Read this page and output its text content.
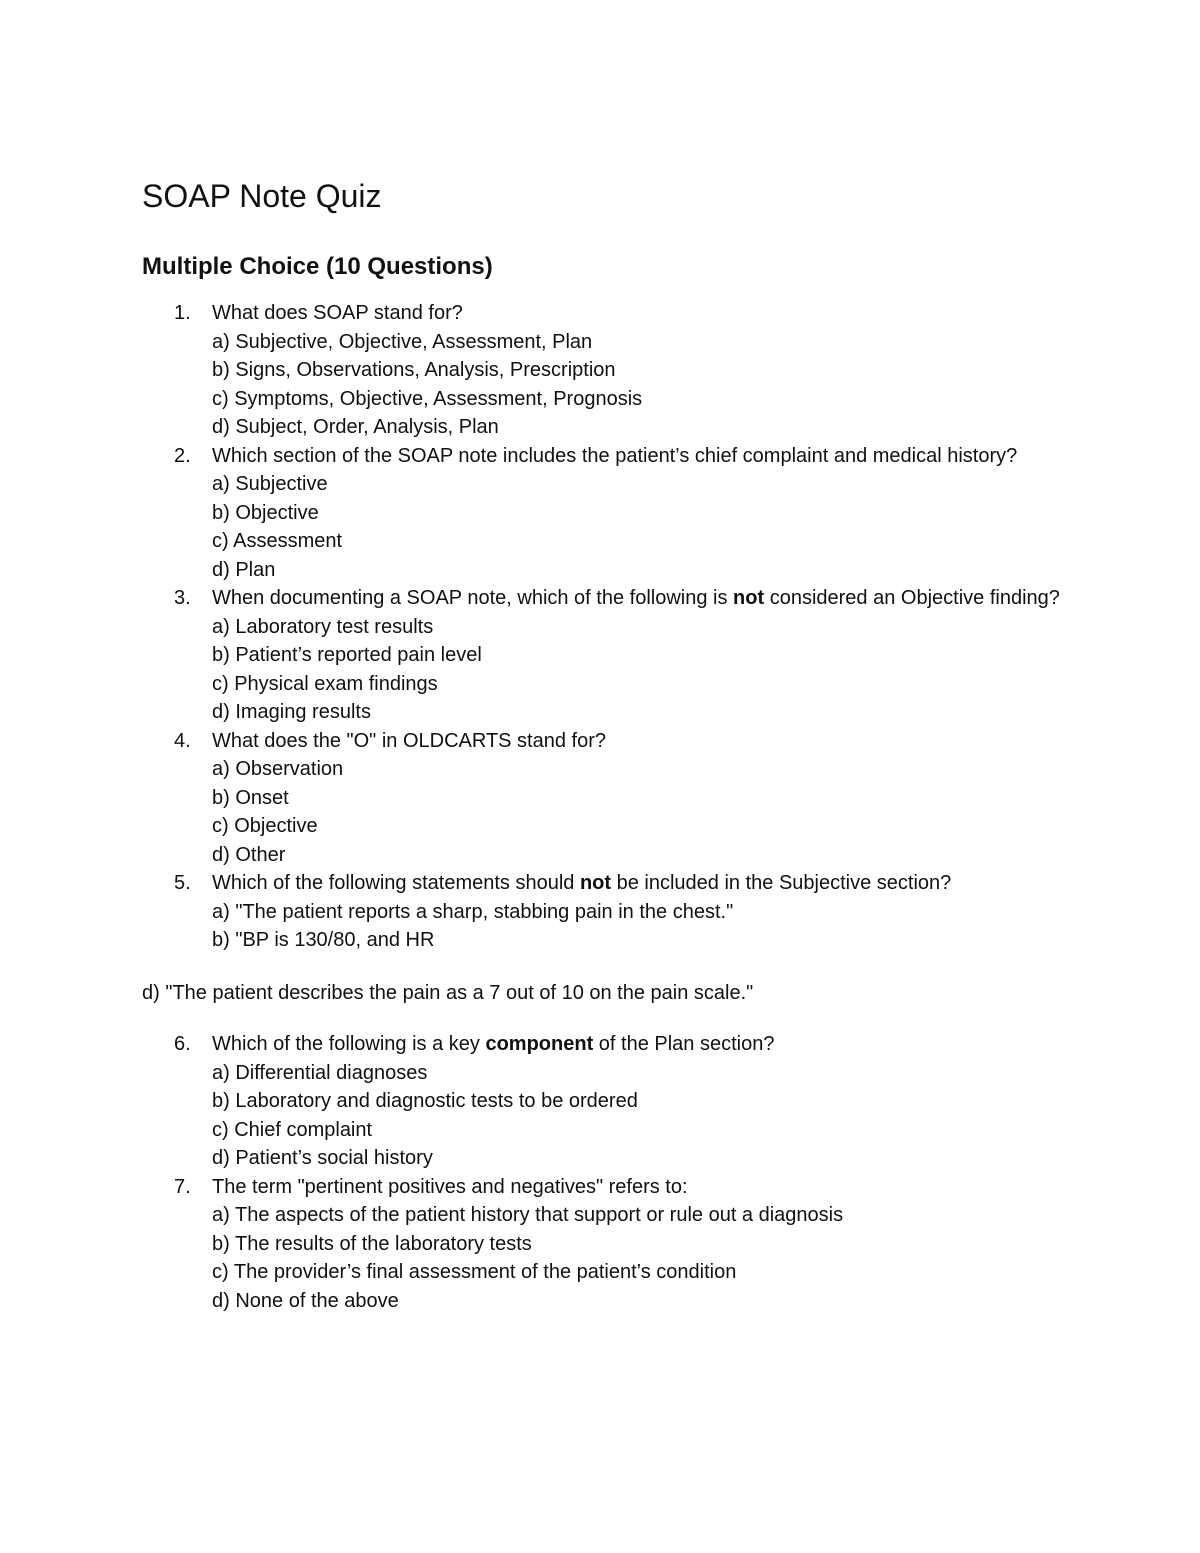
SOAP Note Quiz
Multiple Choice (10 Questions)
1.	What does SOAP stand for?
a) Subjective, Objective, Assessment, Plan
b) Signs, Observations, Analysis, Prescription
c) Symptoms, Objective, Assessment, Prognosis
d) Subject, Order, Analysis, Plan
2.	Which section of the SOAP note includes the patient’s chief complaint and medical history?
a) Subjective
b) Objective
c) Assessment
d) Plan
3.	When documenting a SOAP note, which of the following is not considered an Objective finding?
a) Laboratory test results
b) Patient’s reported pain level
c) Physical exam findings
d) Imaging results
4.	What does the "O" in OLDCARTS stand for?
a) Observation
b) Onset
c) Objective
d) Other
5.	Which of the following statements should not be included in the Subjective section?
a) "The patient reports a sharp, stabbing pain in the chest."
b) "BP is 130/80, and HR

d) "The patient describes the pain as a 7 out of 10 on the pain scale."

6.	Which of the following is a key component of the Plan section?
a) Differential diagnoses
b) Laboratory and diagnostic tests to be ordered
c) Chief complaint
d) Patient’s social history
7.	The term "pertinent positives and negatives" refers to:
a) The aspects of the patient history that support or rule out a diagnosis
b) The results of the laboratory tests
c) The provider’s final assessment of the patient’s condition
d) None of the above
